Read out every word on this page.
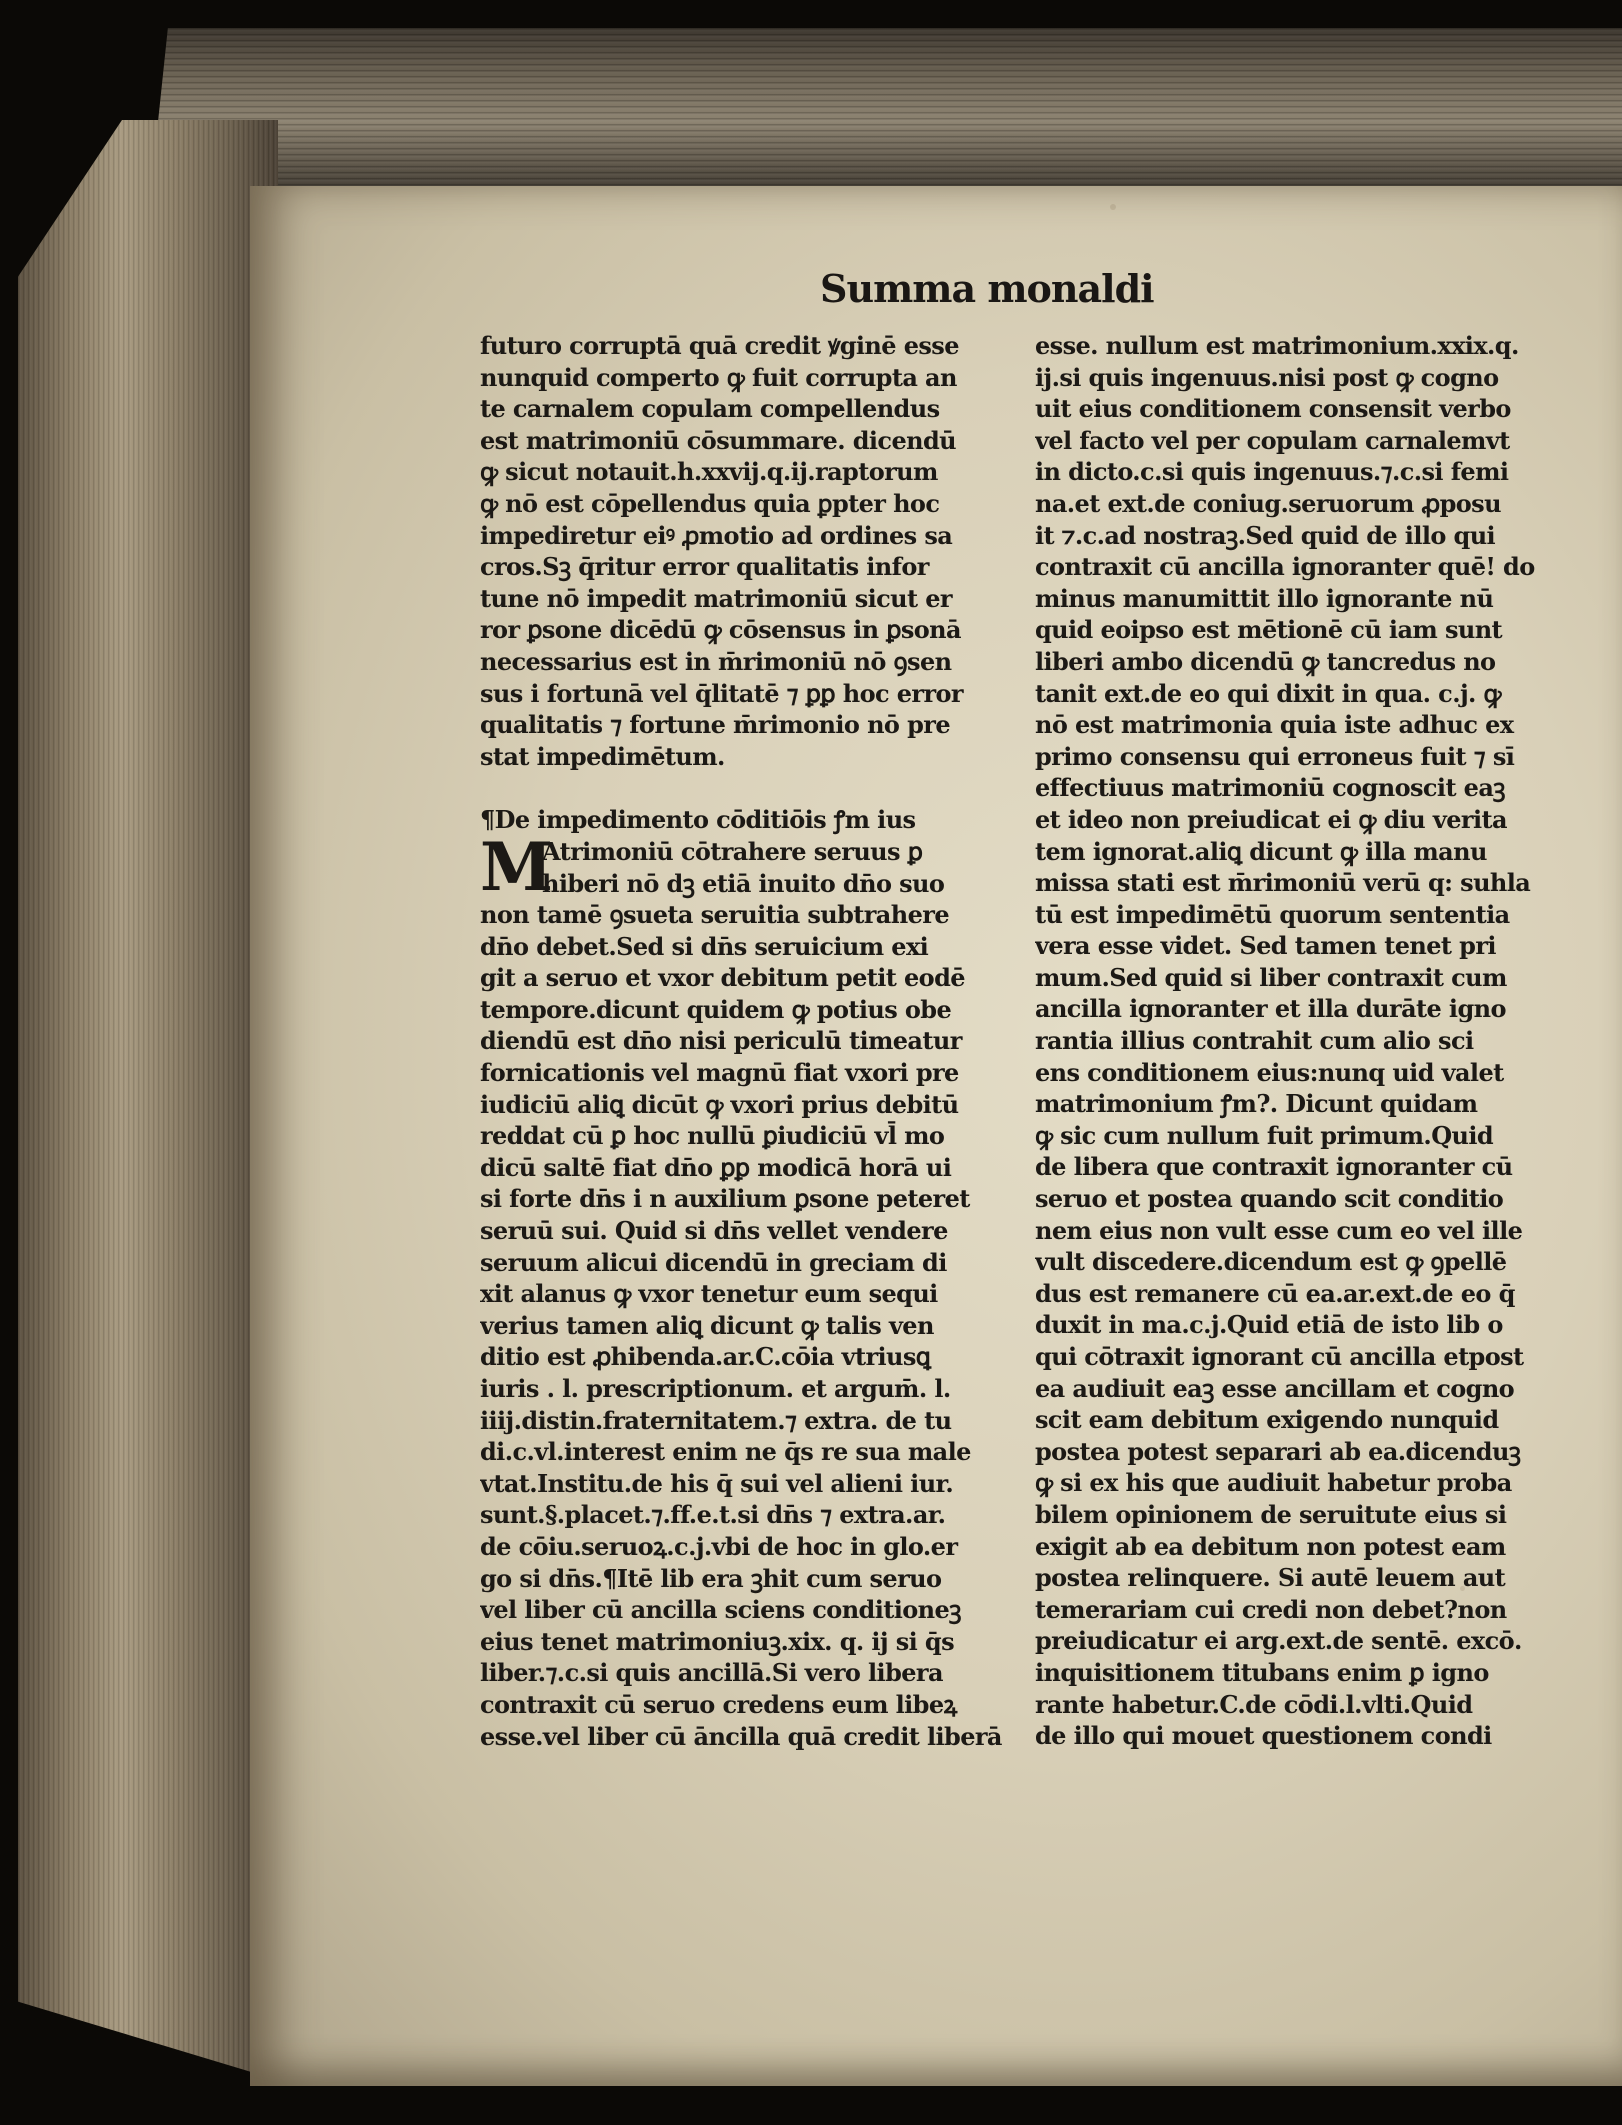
Summa monaldi
futuro corruptā quā credit ꝟginē esse
nunquid comperto ꝙ fuit corrupta an
te carnalem copulam compellendus
est matrimoniū cōsummare. dicendū
ꝙ sicut notauit.h.xxvij.q.ij.raptorum
ꝙ nō est cōpellendus quia ꝑpter hoc
impediretur eiꝰ ꝓmotio ad ordines sa
cros.Sꝫ q̄ritur error qualitatis infor
tune nō impedit matrimoniū sicut er
ror ꝑsone dicēdū ꝙ cōsensus in ꝑsonā
necessarius est in m̄rimoniū nō ꝯsen
sus i fortunā vel q̄litatē ⁊ ꝑꝑ hoc error
qualitatis ⁊ fortune m̄rimonio nō pre
stat impedimētum.
¶De impedimento cōditiōis ꝭm ius
M
Atrimoniū cōtrahere seruus ꝑ
hiberi nō dꝫ etiā inuito dn̄o suo
non tamē ꝯsueta seruitia subtrahere
dn̄o debet.Sed si dn̄s seruicium exi
git a seruo et vxor debitum petit eodē
tempore.dicunt quidem ꝙ potius obe
diendū est dn̄o nisi periculū timeatur
fornicationis vel magnū fiat vxori pre
iudiciū aliꝗ dicūt ꝙ vxori prius debitū
reddat cū ꝑ hoc nullū ꝑiudiciū vl̄ mo
dicū saltē fiat dn̄o ꝑꝑ modicā horā ui
si forte dn̄s i n auxilium ꝑsone peteret
seruū sui. Quid si dn̄s vellet vendere
seruum alicui dicendū in greciam di
xit alanus ꝙ vxor tenetur eum sequi
verius tamen aliꝗ dicunt ꝙ talis ven
ditio est ꝓhibenda.ar.C.cōia vtriusꝗ
iuris . l. prescriptionum. et argum̄. l.
iiij.distin.fraternitatem.⁊ extra. de tu
di.c.vl.interest enim ne q̄s re sua male
vtat.Institu.de his q̄ sui vel alieni iur.
sunt.§.placet.⁊.ff.e.t.si dn̄s ⁊ extra.ar.
de cōiu.seruoꝝ.c.j.vbi de hoc in glo.er
go si dn̄s.¶Itē lib era ꝫhit cum seruo
vel liber cū ancilla sciens conditioneꝫ
eius tenet matrimoniuꝫ.xix. q. ij si q̄s
liber.⁊.c.si quis ancillā.Si vero libera
contraxit cū seruo credens eum libeꝝ
esse.vel liber cū āncilla quā credit liberā
esse. nullum est matrimonium.xxix.q.
ij.si quis ingenuus.nisi post ꝙ cogno
uit eius conditionem consensit verbo
vel facto vel per copulam carnalemvt
in dicto.c.si quis ingenuus.⁊.c.si femi
na.et ext.de coniug.seruorum ꝓposu
it ⁊.c.ad nostraꝫ.Sed quid de illo qui
contraxit cū ancilla ignoranter quē! do
minus manumittit illo ignorante nū
quid eoipso est mētionē cū iam sunt
liberi ambo dicendū ꝙ tancredus no
tanit ext.de eo qui dixit in qua. c.j. ꝙ
nō est matrimonia quia iste adhuc ex
primo consensu qui erroneus fuit ⁊ sī
effectiuus matrimoniū cognoscit eaꝫ
et ideo non preiudicat ei ꝙ diu verita
tem ignorat.aliꝗ dicunt ꝙ illa manu
missa stati est m̄rimoniū verū q: suhla
tū est impedimētū quorum sententia
vera esse videt. Sed tamen tenet pri
mum.Sed quid si liber contraxit cum
ancilla ignoranter et illa durāte igno
rantia illius contrahit cum alio sci
ens conditionem eius:nunq uid valet
matrimonium ꝭm?. Dicunt quidam
ꝙ sic cum nullum fuit primum.Quid
de libera que contraxit ignoranter cū
seruo et postea quando scit conditio
nem eius non vult esse cum eo vel ille
vult discedere.dicendum est ꝙ ꝯpellē
dus est remanere cū ea.ar.ext.de eo q̄
duxit in ma.c.j.Quid etiā de isto lib o
qui cōtraxit ignorant cū ancilla etpost
ea audiuit eaꝫ esse ancillam et cogno
scit eam debitum exigendo nunquid
postea potest separari ab ea.dicenduꝫ
ꝙ si ex his que audiuit habetur proba
bilem opinionem de seruitute eius si
exigit ab ea debitum non potest eam
postea relinquere. Si autē leuem aut
temerariam cui credi non debet?non
preiudicatur ei arg.ext.de sentē. excō.
inquisitionem titubans enim ꝑ igno
rante habetur.C.de cōdi.l.vlti.Quid
de illo qui mouet questionem condi
